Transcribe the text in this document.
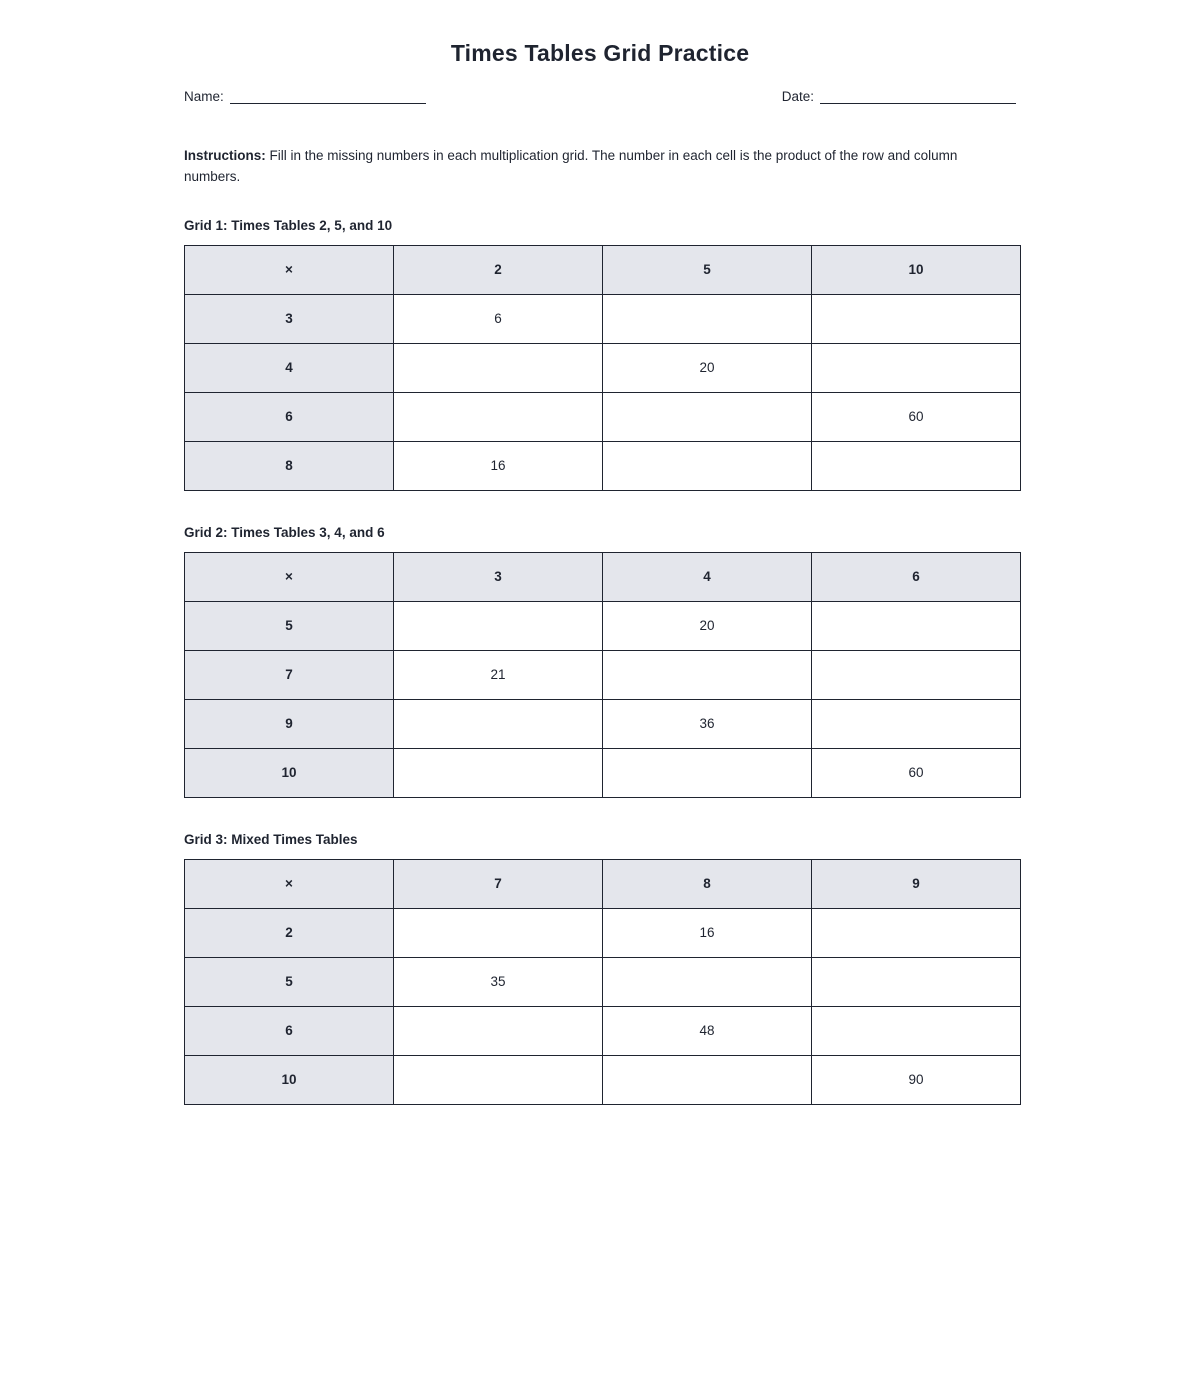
Times Tables Grid Practice
Name:	Date:
Instructions: Fill in the missing numbers in each multiplication grid. The number in each cell is the product of the row and column numbers.
Grid 1: Times Tables 2, 5, and 10
×	2	5	10
3	6		
4		20	
6			60
8	16		
Grid 2: Times Tables 3, 4, and 6
×	3	4	6
5		20	
7	21		
9		36	
10			60
Grid 3: Mixed Times Tables
×	7	8	9
2		16	
5	35		
6		48	
10			90
